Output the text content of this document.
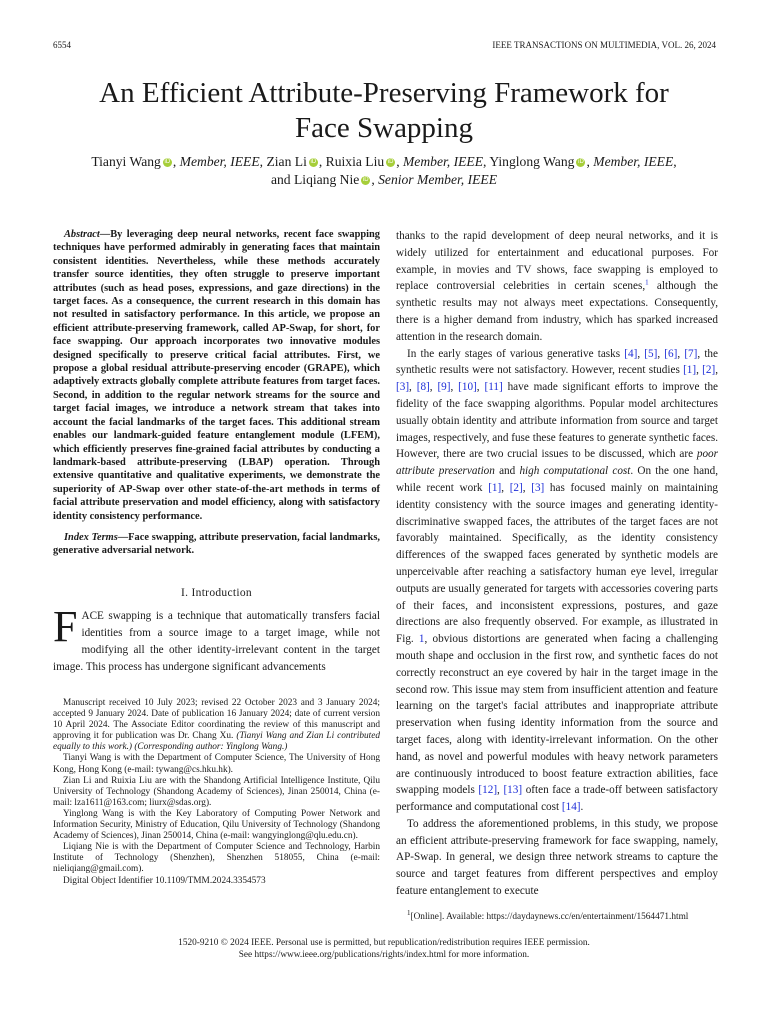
6554	IEEE TRANSACTIONS ON MULTIMEDIA, VOL. 26, 2024
An Efficient Attribute-Preserving Framework for
Face Swapping
Tianyi Wang iD , Member, IEEE, Zian Li iD , Ruixia Liu iD , Member, IEEE, Yinglong Wang iD , Member, IEEE,
and Liqiang Nie iD , Senior Member, IEEE

Abstract—By leveraging deep neural networks, recent face swapping techniques have performed admirably in generating faces that maintain consistent identities. Nevertheless, while these methods accurately transfer source identities, they often struggle to preserve important attributes (such as head poses, expressions, and gaze directions) in the target faces. As a consequence, the current research in this domain has not resulted in satisfactory performance. In this article, we propose an efficient attribute-preserving framework, called AP-Swap, for short, for face swapping. Our approach incorporates two innovative modules designed specifically to preserve critical facial attributes. First, we propose a global residual attribute-preserving encoder (GRAPE), which adaptively extracts globally complete attribute features from target faces. Second, in addition to the regular network streams for the source and target facial images, we introduce a network stream that takes into account the facial landmarks of the target faces. This additional stream enables our landmark-guided feature entanglement module (LFEM), which efficiently preserves fine-grained facial attributes by conducting a landmark-based attribute-preserving (LBAP) operation. Through extensive quantitative and qualitative experiments, we demonstrate the superiority of AP-Swap over other state-of-the-art methods in terms of facial attribute preservation and model efficiency, along with satisfactory identity consistency performance.

Index Terms—Face swapping, attribute preservation, facial landmarks, generative adversarial network.

I. Introduction

FACE swapping is a technique that automatically transfers facial identities from a source image to a target image, while not modifying all the other identity-irrelevant content in the target image. This process has undergone significant advancements

Manuscript received 10 July 2023; revised 22 October 2023 and 3 January 2024; accepted 9 January 2024. Date of publication 16 January 2024; date of current version 10 April 2024. The Associate Editor coordinating the review of this manuscript and approving it for publication was Dr. Chang Xu. (Tianyi Wang and Zian Li contributed equally to this work.) (Corresponding author: Yinglong Wang.)

Tianyi Wang is with the Department of Computer Science, The University of Hong Kong, Hong Kong (e-mail: tywang@cs.hku.hk).

Zian Li and Ruixia Liu are with the Shandong Artificial Intelligence Institute, Qilu University of Technology (Shandong Academy of Sciences), Jinan 250014, China (e-mail: lza1611@163.com; liurx@sdas.org).

Yinglong Wang is with the Key Laboratory of Computing Power Network and Information Security, Ministry of Education, Qilu University of Technology (Shandong Academy of Sciences), Jinan 250014, China (e-mail: wangyinglong@qlu.edu.cn).

Liqiang Nie is with the Department of Computer Science and Technology, Harbin Institute of Technology (Shenzhen), Shenzhen 518055, China (e-mail: nieliqiang@gmail.com).

Digital Object Identifier 10.1109/TMM.2024.3354573

thanks to the rapid development of deep neural networks, and it is widely utilized for entertainment and educational purposes. For example, in movies and TV shows, face swapping is employed to replace controversial celebrities in certain scenes,$^1$ although the synthetic results may not always meet expectations. Consequently, there is a higher demand from industry, which has sparked increased attention in the research domain.

In the early stages of various generative tasks [4], [5], [6], [7], the synthetic results were not satisfactory. However, recent studies [1], [2], [3], [8], [9], [10], [11] have made significant efforts to improve the fidelity of the face swapping algorithms. Popular model architectures usually obtain identity and attribute information from source and target images, respectively, and fuse these features to generate synthetic faces. However, there are two crucial issues to be discussed, which are poor attribute preservation and high computational cost. On the one hand, while recent work [1], [2], [3] has focused mainly on maintaining identity consistency with the source images and generating identity-discriminative swapped faces, the attributes of the target faces are not favorably maintained. Specifically, as the identity consistency differences of the swapped faces generated by synthetic models are unperceivable after reaching a satisfactory human eye level, irregular outputs are usually generated for targets with accessories covering parts of their faces, and inconsistent expressions, postures, and gaze directions are also frequently observed. For example, as illustrated in Fig. 1, obvious distortions are generated when facing a challenging mouth shape and occlusion in the first row, and synthetic faces do not correctly reconstruct an eye covered by hair in the target image in the second row. This issue may stem from insufficient attention and feature learning on the target's facial attributes and inappropriate attribute preservation when fusing identity information from the source and target faces, along with identity-irrelevant information. On the other hand, as novel and powerful modules with heavy network parameters are continuously introduced to boost feature extraction abilities, face swapping models [12], [13] often face a trade-off between satisfactory performance and computational cost [14].

To address the aforementioned problems, in this study, we propose an efficient attribute-preserving framework for face swapping, namely, AP-Swap. In general, we design three network streams to capture the source and target features from different perspectives and employ feature entanglement to execute

$^1$[Online]. Available: https://daydaynews.cc/en/entertainment/1564471.html
1520-9210 © 2024 IEEE. Personal use is permitted, but republication/redistribution requires IEEE permission.
See https://www.ieee.org/publications/rights/index.html for more information.
